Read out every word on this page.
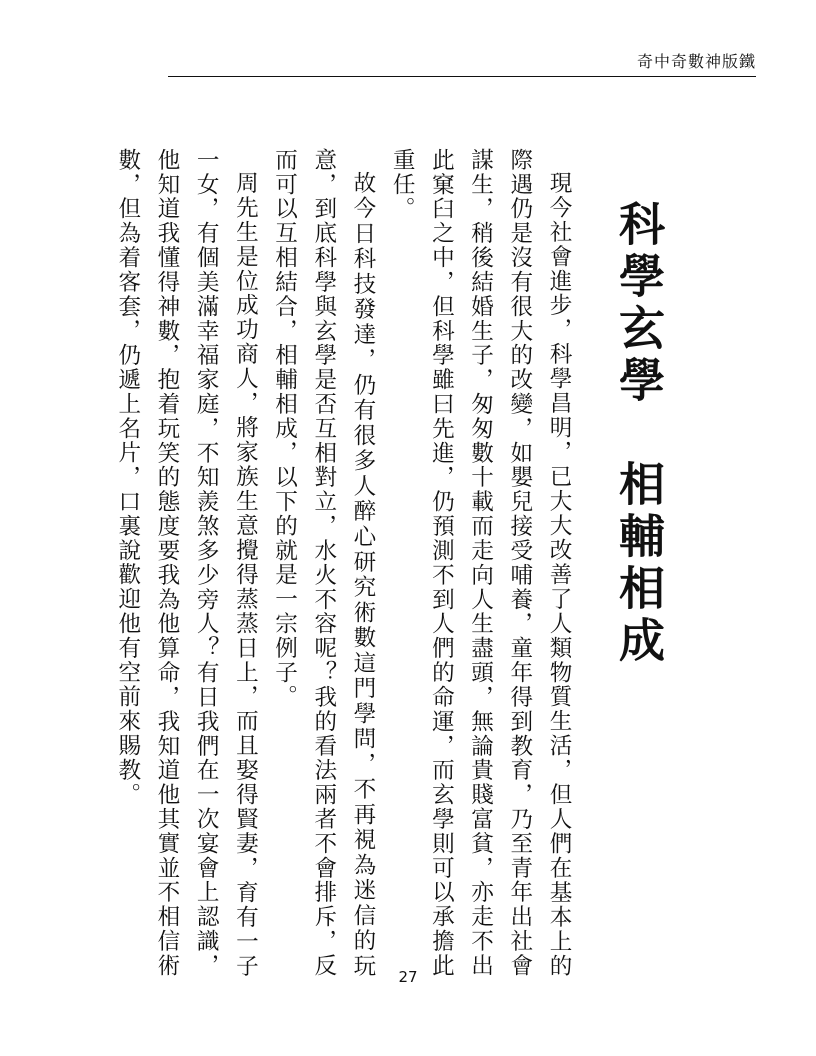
奇中奇數神版鐵
科學玄學　相輔相成

現今社會進步，科學昌明，已大大改善了人類物質生活，但人們在基本上的際遇仍是沒有很大的改變，如嬰兒接受哺養，童年得到教育，乃至青年出社會謀生，稍後結婚生子，匆匆數十載而走向人生盡頭，無論貴賤富貧，亦走不出此窠臼之中，但科學雖曰先進，仍預測不到人們的命運，而玄學則可以承擔此重任。

故今日科技發達，仍有很多人醉心研究術數這門學問，不再視為迷信的玩意，到底科學與玄學是否互相對立，水火不容呢？我的看法兩者不會排斥，反而可以互相結合，相輔相成，以下的就是一宗例子。

周先生是位成功商人，將家族生意攪得蒸蒸日上，而且娶得賢妻，育有一子一女，有個美滿幸福家庭，不知羨煞多少旁人？有日我們在一次宴會上認識，他知道我懂得神數，抱着玩笑的態度要我為他算命，我知道他其實並不相信術數，但為着客套，仍遞上名片，口裏說歡迎他有空前來賜教。

27
